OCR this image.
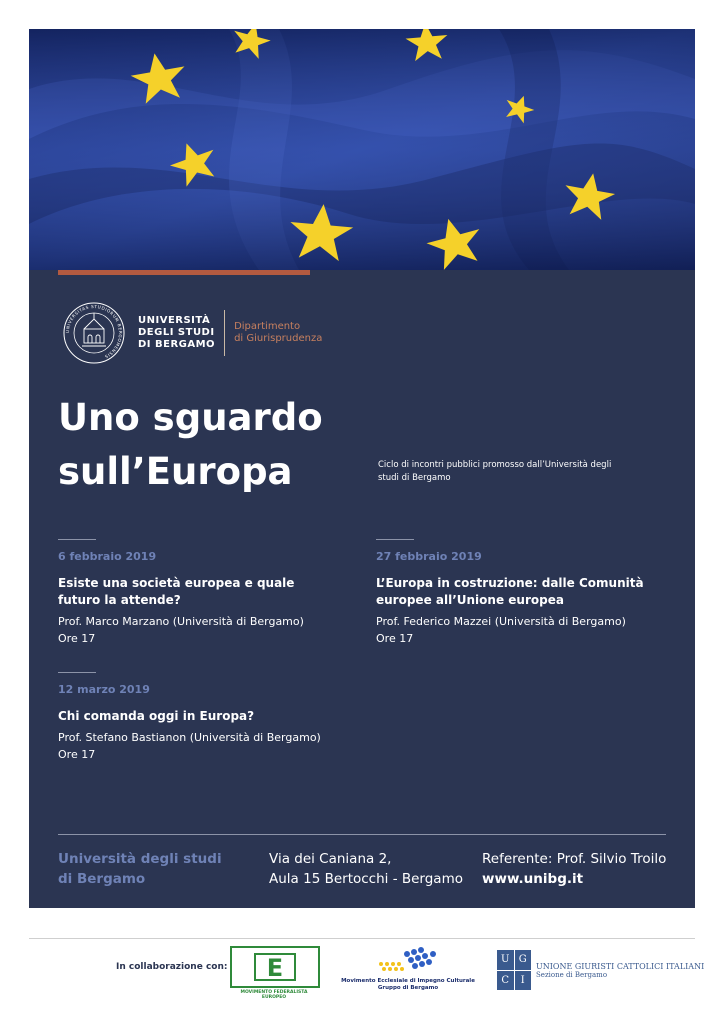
UNIVERSITAS STUDIORUM BERGOMENSIS
UNIVERSITÀ
DEGLI STUDI
DI BERGAMO
Dipartimento
di Giurisprudenza
Uno sguardo
sull’Europa	Ciclo di incontri pubblici promosso dall’Università degli
studi di Bergamo
6 febbraio 2019
Esiste una società europea e quale
futuro la attende?
Prof. Marco Marzano (Università di Bergamo)
Ore 17
27 febbraio 2019
L’Europa in costruzione: dalle Comunità
europee all’Unione europea
Prof. Federico Mazzei (Università di Bergamo)
Ore 17
12 marzo 2019
Chi comanda oggi in Europa?
Prof. Stefano Bastianon (Università di Bergamo)
Ore 17
Università degli studi
di Bergamo
Via dei Caniana 2,
Aula 15 Bertocchi - Bergamo
Referente: Prof. Silvio Troilo
www.unibg.it
In collaborazione con: E
MOVIMENTO FEDERALISTA EUROPEO
Movimento Ecclesiale di Impegno Culturale
Gruppo di Bergamo
U G
C	I
UNIONE GIURISTI CATTOLICI ITALIANI
Sezione di Bergamo
